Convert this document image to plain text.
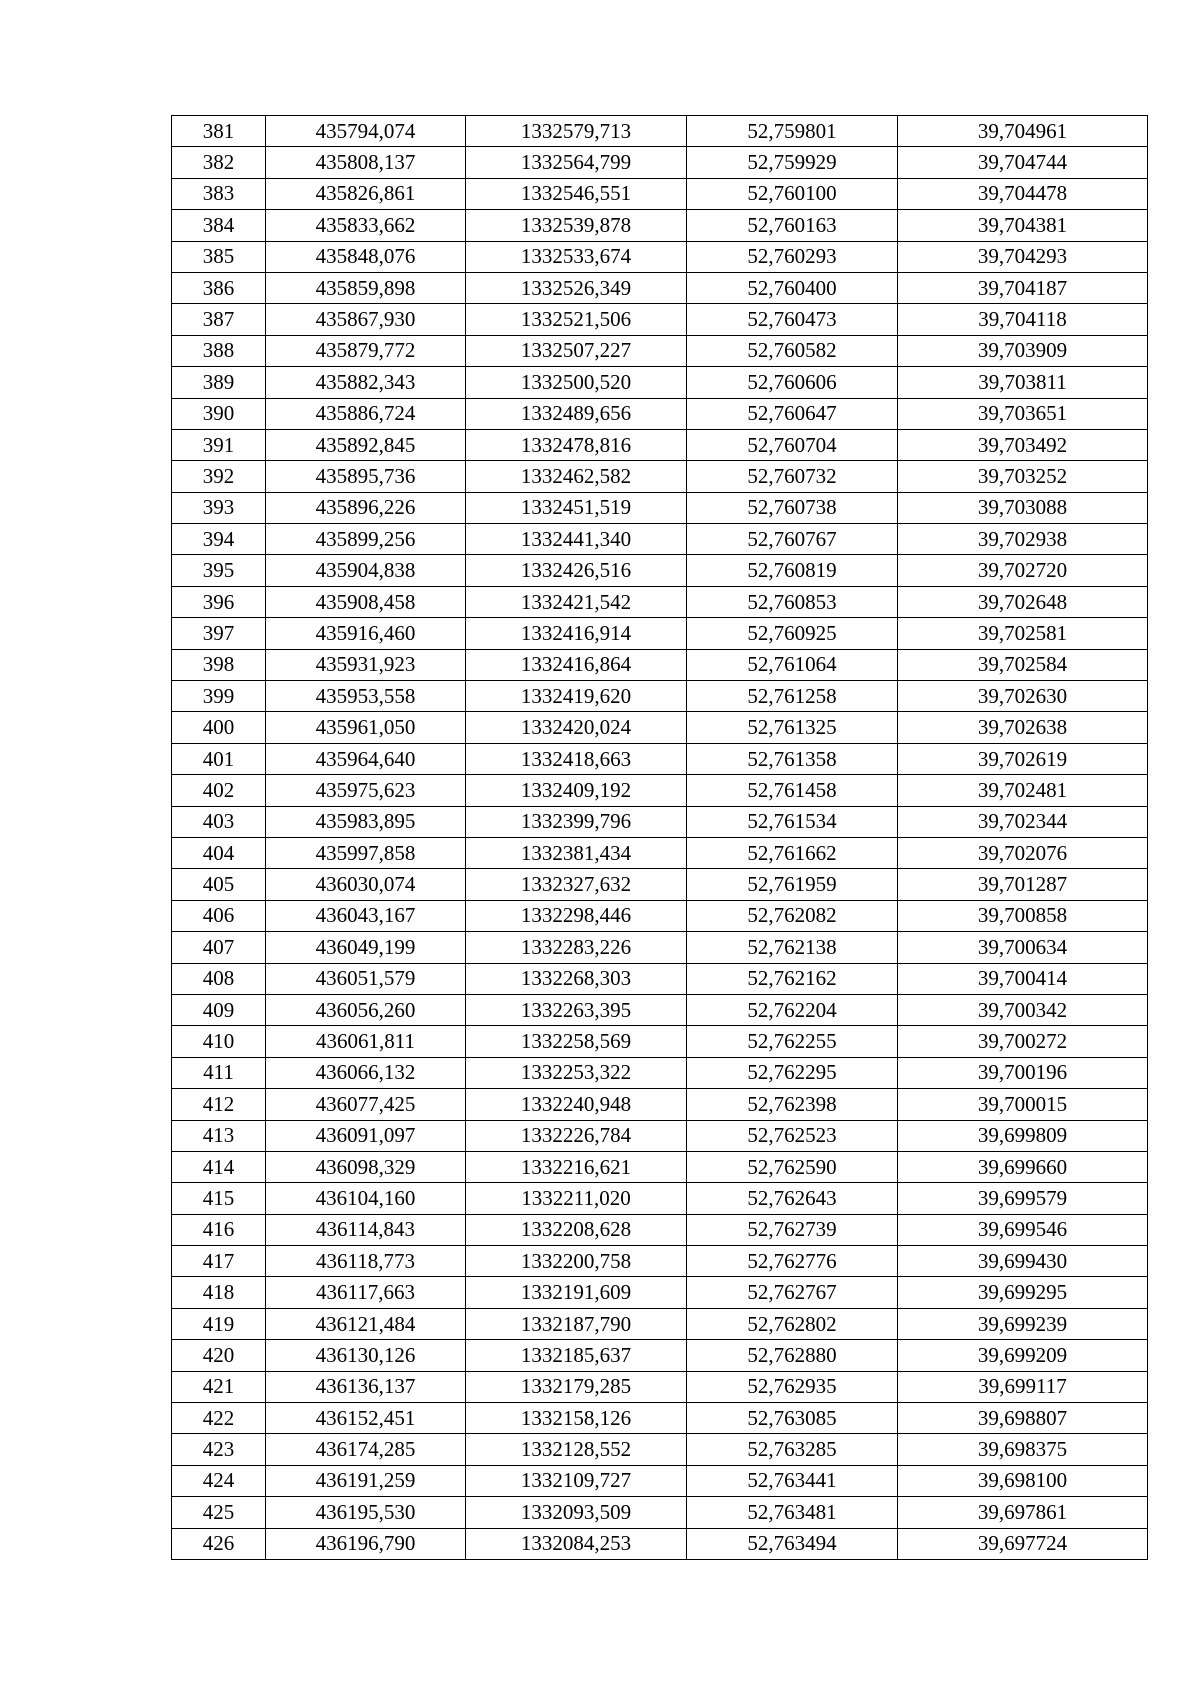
381	435794,074	1332579,713	52,759801	39,704961
382	435808,137	1332564,799	52,759929	39,704744
383	435826,861	1332546,551	52,760100	39,704478
384	435833,662	1332539,878	52,760163	39,704381
385	435848,076	1332533,674	52,760293	39,704293
386	435859,898	1332526,349	52,760400	39,704187
387	435867,930	1332521,506	52,760473	39,704118
388	435879,772	1332507,227	52,760582	39,703909
389	435882,343	1332500,520	52,760606	39,703811
390	435886,724	1332489,656	52,760647	39,703651
391	435892,845	1332478,816	52,760704	39,703492
392	435895,736	1332462,582	52,760732	39,703252
393	435896,226	1332451,519	52,760738	39,703088
394	435899,256	1332441,340	52,760767	39,702938
395	435904,838	1332426,516	52,760819	39,702720
396	435908,458	1332421,542	52,760853	39,702648
397	435916,460	1332416,914	52,760925	39,702581
398	435931,923	1332416,864	52,761064	39,702584
399	435953,558	1332419,620	52,761258	39,702630
400	435961,050	1332420,024	52,761325	39,702638
401	435964,640	1332418,663	52,761358	39,702619
402	435975,623	1332409,192	52,761458	39,702481
403	435983,895	1332399,796	52,761534	39,702344
404	435997,858	1332381,434	52,761662	39,702076
405	436030,074	1332327,632	52,761959	39,701287
406	436043,167	1332298,446	52,762082	39,700858
407	436049,199	1332283,226	52,762138	39,700634
408	436051,579	1332268,303	52,762162	39,700414
409	436056,260	1332263,395	52,762204	39,700342
410	436061,811	1332258,569	52,762255	39,700272
411	436066,132	1332253,322	52,762295	39,700196
412	436077,425	1332240,948	52,762398	39,700015
413	436091,097	1332226,784	52,762523	39,699809
414	436098,329	1332216,621	52,762590	39,699660
415	436104,160	1332211,020	52,762643	39,699579
416	436114,843	1332208,628	52,762739	39,699546
417	436118,773	1332200,758	52,762776	39,699430
418	436117,663	1332191,609	52,762767	39,699295
419	436121,484	1332187,790	52,762802	39,699239
420	436130,126	1332185,637	52,762880	39,699209
421	436136,137	1332179,285	52,762935	39,699117
422	436152,451	1332158,126	52,763085	39,698807
423	436174,285	1332128,552	52,763285	39,698375
424	436191,259	1332109,727	52,763441	39,698100
425	436195,530	1332093,509	52,763481	39,697861
426	436196,790	1332084,253	52,763494	39,697724
